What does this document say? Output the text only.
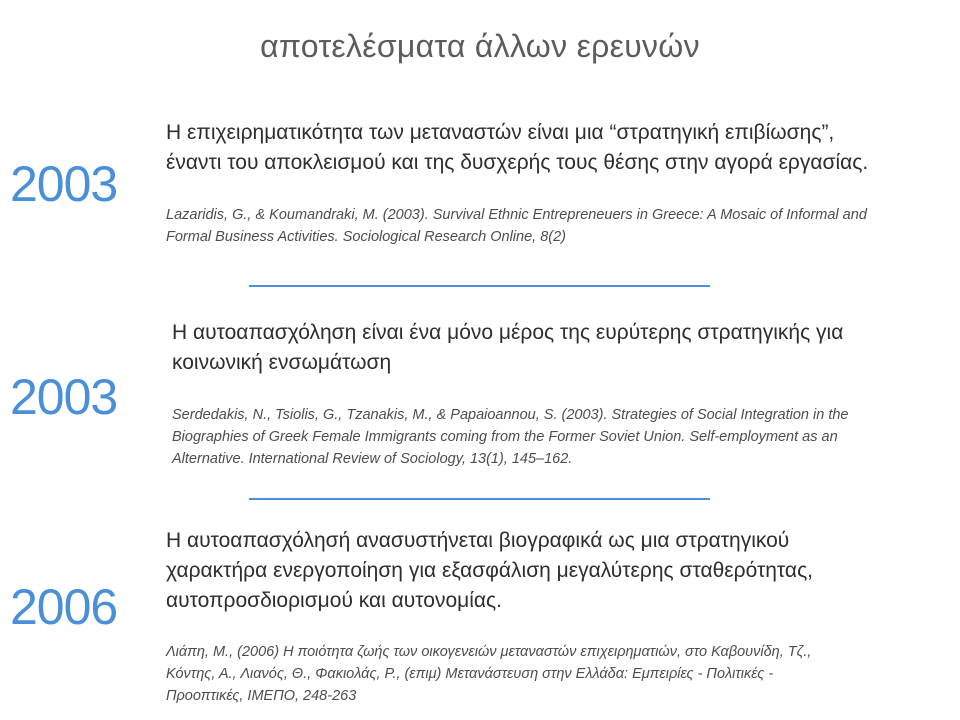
αποτελέσματα άλλων ερευνών
2003
Η επιχειρηματικότητα των μεταναστών είναι μια “στρατηγική επιβίωσης”,
έναντι του αποκλεισμού και της δυσχερής τους θέσης στην αγορά εργασίας.
Lazaridis, G., & Koumandraki, M. (2003). Survival Ethnic Entrepreneuers in Greece: A Mosaic of Informal and
Formal Business Activities. Sociological Research Online, 8(2)
2003
Η αυτοαπασχόληση είναι ένα μόνο μέρος της ευρύτερης στρατηγικής για
κοινωνική ενσωμάτωση
Serdedakis, N., Tsiolis, G., Tzanakis, M., & Papaioannou, S. (2003). Strategies of Social Integration in the
Biographies of Greek Female Immigrants coming from the Former Soviet Union. Self-employment as an
Alternative. International Review of Sociology, 13(1), 145–162.
2006
Η αυτοαπασχόλησή ανασυστήνεται βιογραφικά ως μια στρατηγικού
χαρακτήρα ενεργοποίηση για εξασφάλιση μεγαλύτερης σταθερότητας,
αυτοπροσδιορισμού και αυτονομίας.
Λιάπη, Μ., (2006) Η ποιότητα ζωής των οικογενειών μεταναστών επιχειρηματιών, στο Καβουνίδη, Τζ.,
Κόντης, Α., Λιανός, Θ., Φακιολάς, Ρ., (επιμ) Μετανάστευση στην Ελλάδα: Εμπειρίες - Πολιτικές -
Προοπτικές, ΙΜΕΠΟ, 248-263
